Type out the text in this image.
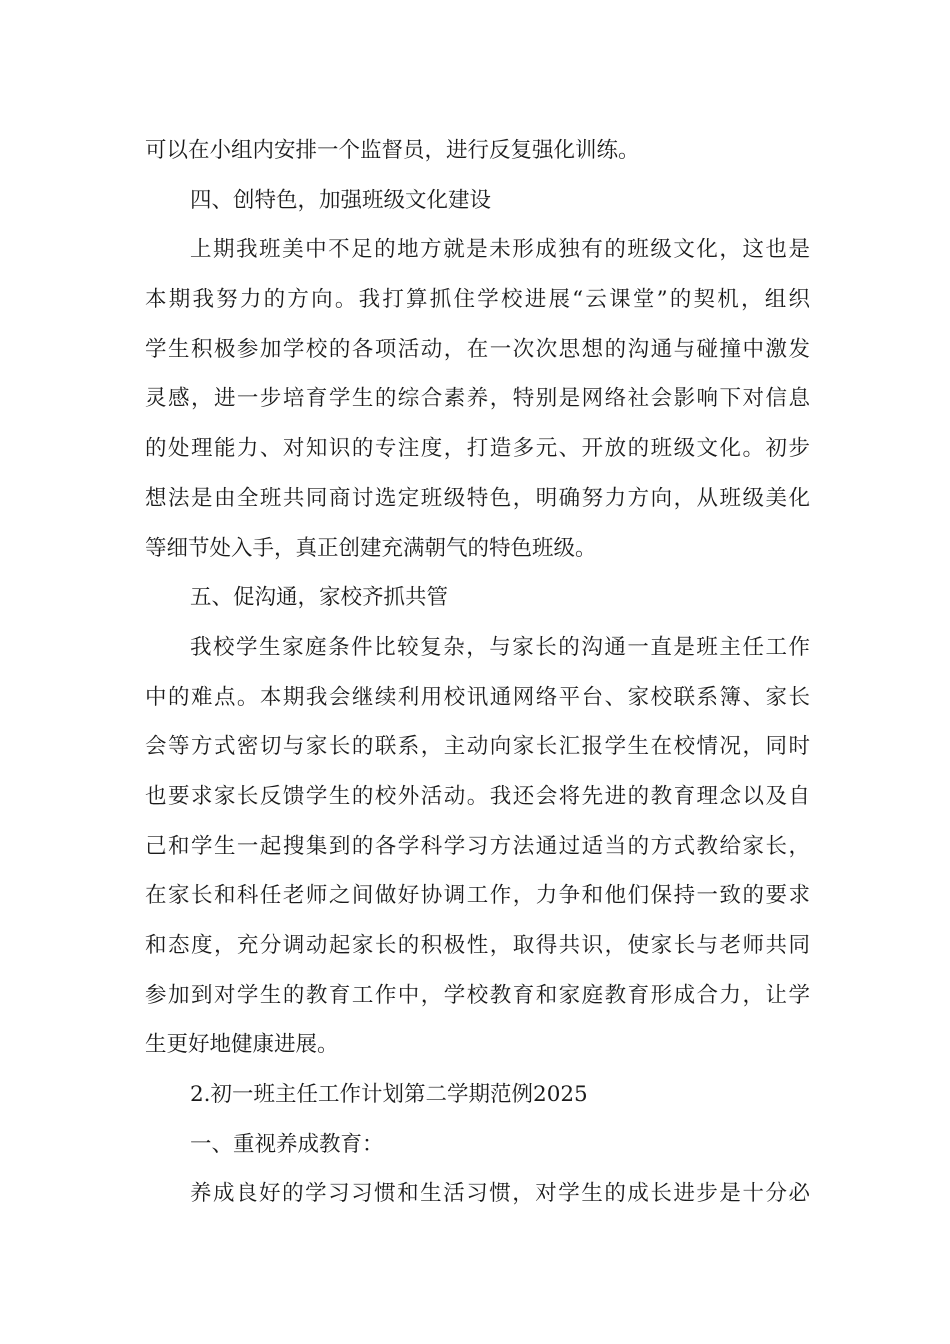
可以在小组内安排一个监督员，进行反复强化训练。
四、创特色，加强班级文化建设
上期我班美中不足的地方就是未形成独有的班级文化，这也是
本期我努力的方向。我打算抓住学校进展“云课堂”的契机，组织
学生积极参加学校的各项活动，在一次次思想的沟通与碰撞中激发
灵感，进一步培育学生的综合素养，特别是网络社会影响下对信息
的处理能力、对知识的专注度，打造多元、开放的班级文化。初步
想法是由全班共同商讨选定班级特色，明确努力方向，从班级美化
等细节处入手，真正创建充满朝气的特色班级。
五、促沟通，家校齐抓共管
我校学生家庭条件比较复杂，与家长的沟通一直是班主任工作
中的难点。本期我会继续利用校讯通网络平台、家校联系簿、家长
会等方式密切与家长的联系，主动向家长汇报学生在校情况，同时
也要求家长反馈学生的校外活动。我还会将先进的教育理念以及自
己和学生一起搜集到的各学科学习方法通过适当的方式教给家长，
在家长和科任老师之间做好协调工作，力争和他们保持一致的要求
和态度，充分调动起家长的积极性，取得共识，使家长与老师共同
参加到对学生的教育工作中，学校教育和家庭教育形成合力，让学
生更好地健康进展。
2.初一班主任工作计划第二学期范例2025
一、重视养成教育：
养成良好的学习习惯和生活习惯，对学生的成长进步是十分必
